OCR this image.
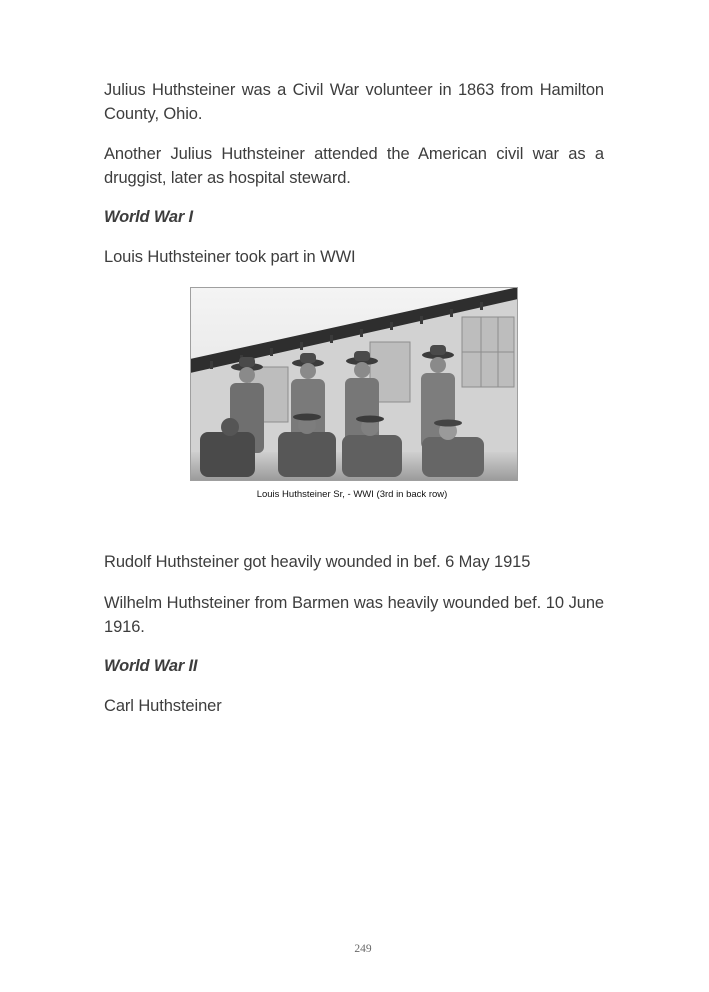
Julius Huthsteiner was a Civil War volunteer in 1863 from Hamilton County, Ohio.

Another Julius Huthsteiner attended the American civil war as a druggist, later as hospital steward.

World War I

Louis Huthsteiner took part in WWI

Louis Huthsteiner Sr, - WWI (3rd in back row)

Rudolf Huthsteiner got heavily wounded in bef. 6 May 1915

Wilhelm Huthsteiner from Barmen was heavily wounded bef. 10 June 1916.

World War II

Carl Huthsteiner

249
